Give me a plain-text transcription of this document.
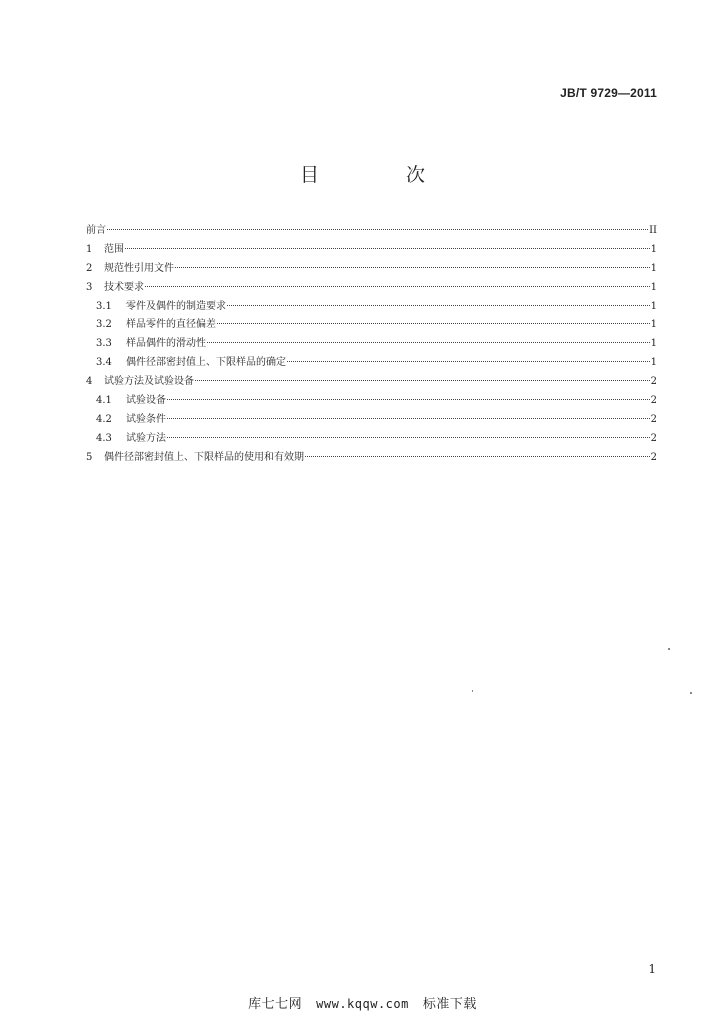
JB/T 9729—2011
目　次
前言	II
1	范围	1
2	规范性引用文件	1
3	技术要求	1
3.1	零件及偶件的制造要求	1
3.2	样品零件的直径偏差	1
3.3	样品偶件的滑动性	1
3.4	偶件径部密封值上、下限样品的确定	1
4	试验方法及试验设备	2
4.1	试验设备	2
4.2	试验条件	2
4.3	试验方法	2
5	偶件径部密封值上、下限样品的使用和有效期	2
1
库七七网 www.kqqw.com 标准下载
